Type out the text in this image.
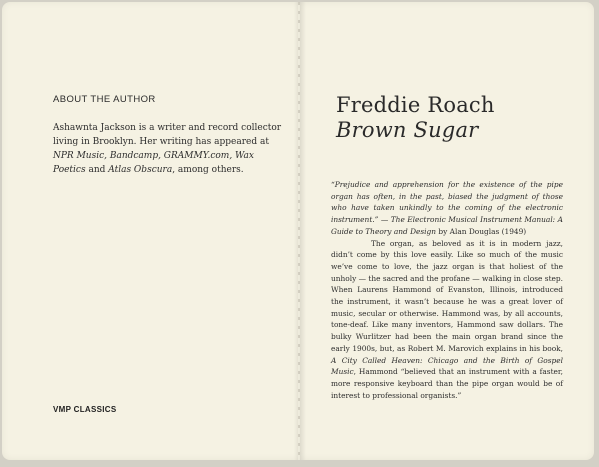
ABOUT THE AUTHOR

Ashawnta Jackson is a writer and record collector living in Brooklyn. Her writing has appeared at NPR Music, Bandcamp, GRAMMY.com, Wax Poetics and Atlas Obscura, among others.

VMP CLASSICS
Freddie Roach
Brown Sugar

“Prejudice and apprehension for the existence of the pipe organ has often, in the past, biased the judgment of those who have taken unkindly to the coming of the electronic instrument.” — The Electronic Musical Instrument Manual: A Guide to Theory and Design by Alan Douglas (1949)

The organ, as beloved as it is in modern jazz, didn’t come by this love easily. Like so much of the music we’ve come to love, the jazz organ is that holiest of the unholy — the sacred and the profane — walking in close step. When Laurens Hammond of Evanston, Illinois, introduced the instrument, it wasn’t because he was a great lover of music, secular or otherwise. Hammond was, by all accounts, tone-deaf. Like many inventors, Hammond saw dollars. The bulky Wurlitzer had been the main organ brand since the early 1900s, but, as Robert M. Marovich explains in his book, A City Called Heaven: Chicago and the Birth of Gospel Music, Hammond “believed that an instrument with a faster, more responsive keyboard than the pipe organ would be of interest to professional organists.”
